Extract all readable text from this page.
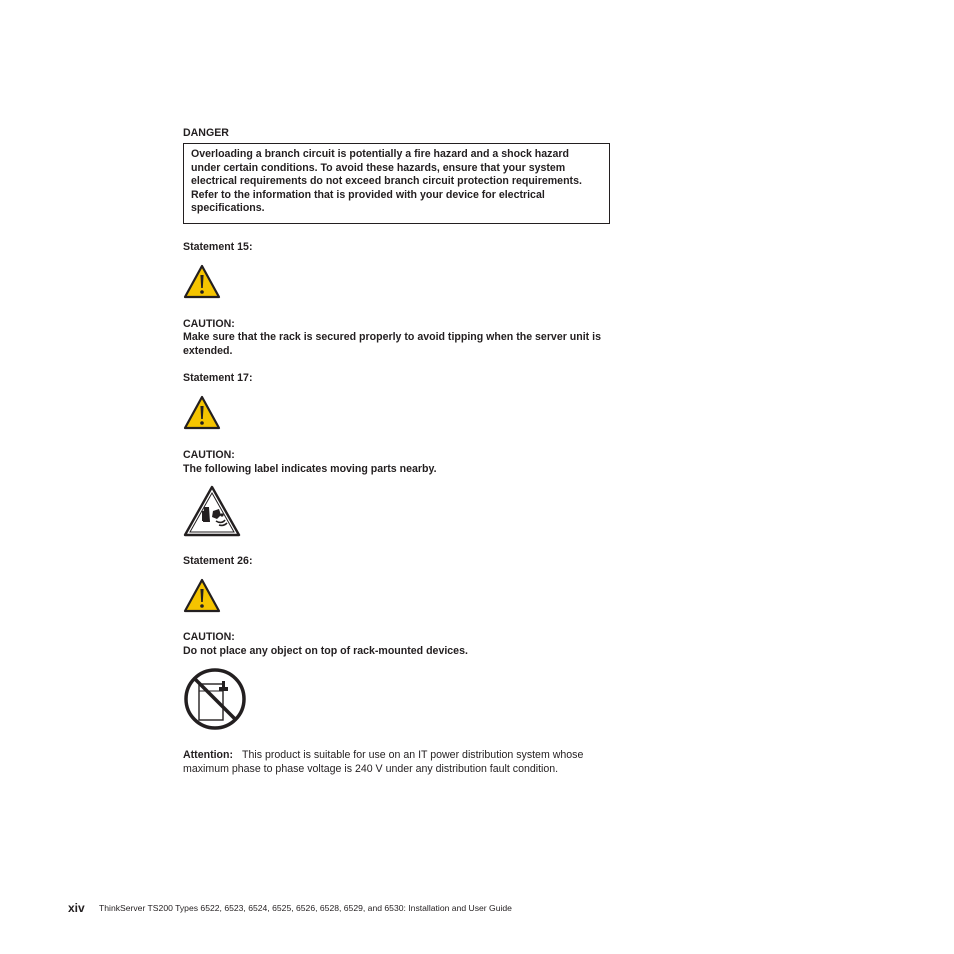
DANGER
Overloading a branch circuit is potentially a fire hazard and a shock hazard under certain conditions. To avoid these hazards, ensure that your system electrical requirements do not exceed branch circuit protection requirements. Refer to the information that is provided with your device for electrical specifications.
Statement 15:
CAUTION:
Make sure that the rack is secured properly to avoid tipping when the server unit is extended.
Statement 17:
CAUTION:
The following label indicates moving parts nearby.
Statement 26:
CAUTION:
Do not place any object on top of rack-mounted devices.
Attention: This product is suitable for use on an IT power distribution system whose maximum phase to phase voltage is 240 V under any distribution fault condition.
xiv ThinkServer TS200 Types 6522, 6523, 6524, 6525, 6526, 6528, 6529, and 6530: Installation and User Guide
